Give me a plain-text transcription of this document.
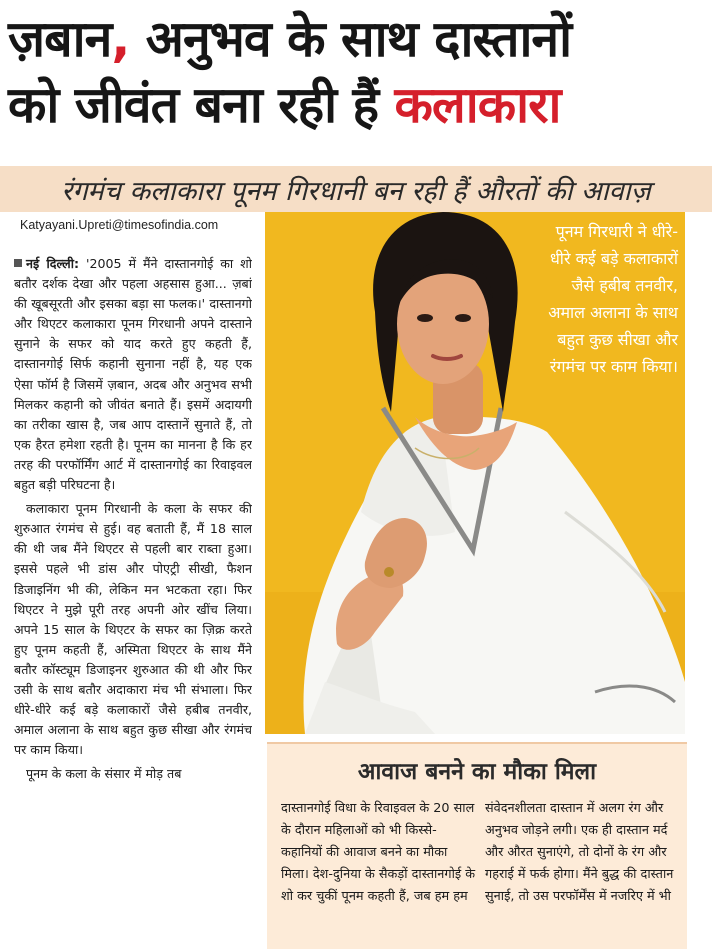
ज़बान, अनुभव के साथ दास्तानों
को जीवंत बना रही हैं कलाकारा
रंगमंच कलाकारा पूनम गिरधानी बन रही हैं औरतों की आवाज़
Katyayani.Upreti@timesofindia.com

नई दिल्ली: '2005 में मैंने दास्तानगोई का शो बतौर दर्शक देखा और पहला अहसास हुआ... ज़बां की खूबसूरती और इसका बड़ा सा फलक।' दास्तानगो और थिएटर कलाकारा पूनम गिरधानी अपने दास्ताने सुनाने के सफर को याद करते हुए कहती हैं, दास्तानगोई सिर्फ कहानी सुनाना नहीं है, यह एक ऐसा फॉर्म है जिसमें ज़बान, अदब और अनुभव सभी मिलकर कहानी को जीवंत बनाते हैं। इसमें अदायगी का तरीका खास है, जब आप दास्तानें सुनाते हैं, तो एक हैरत हमेशा रहती है। पूनम का मानना है कि हर तरह की परफॉर्मिंग आर्ट में दास्तानगोई का रिवाइवल बहुत बड़ी परिघटना है।

कलाकारा पूनम गिरधानी के कला के सफर की शुरुआत रंगमंच से हुई। वह बताती हैं, मैं 18 साल की थी जब मैंने थिएटर से पहली बार राब्ता हुआ। इससे पहले भी डांस और पोएट्री सीखी, फैशन डिजाइनिंग भी की, लेकिन मन भटकता रहा। फिर थिएटर ने मुझे पूरी तरह अपनी ओर खींच लिया। अपने 15 साल के थिएटर के सफर का ज़िक्र करते हुए पूनम कहती हैं, अस्मिता थिएटर के साथ मैंने बतौर कॉस्ट्यूम डिजाइनर शुरुआत की थी और फिर उसी के साथ बतौर अदाकारा मंच भी संभाला। फिर धीरे-धीरे कई बड़े कलाकारों जैसे हबीब तनवीर, अमाल अलाना के साथ बहुत कुछ सीखा और रंगमंच पर काम किया।

पूनम के कला के संसार में मोड़ तब

पूनम गिरधारी ने धीरे-धीरे कई बड़े कलाकारों जैसे हबीब तनवीर, अमाल अलाना के साथ बहुत कुछ सीखा और रंगमंच पर काम किया।
आवाज बनने का मौका मिला
दास्तानगोई विधा के रिवाइवल के 20 साल के दौरान महिलाओं को भी किस्से-कहानियों की आवाज बनने का मौका मिला। देश-दुनिया के सैकड़ों दास्तानगोई के शो कर चुकीं पूनम कहती हैं, जब हम हम
संवेदनशीलता दास्तान में अलग रंग और अनुभव जोड़ने लगी। एक ही दास्तान मर्द और औरत सुनाएंगे, तो दोनों के रंग और गहराई में फर्क होगा। मैंने बुद्ध की दास्तान सुनाई, तो उस परफॉर्मेंस में नजरिए में भी
